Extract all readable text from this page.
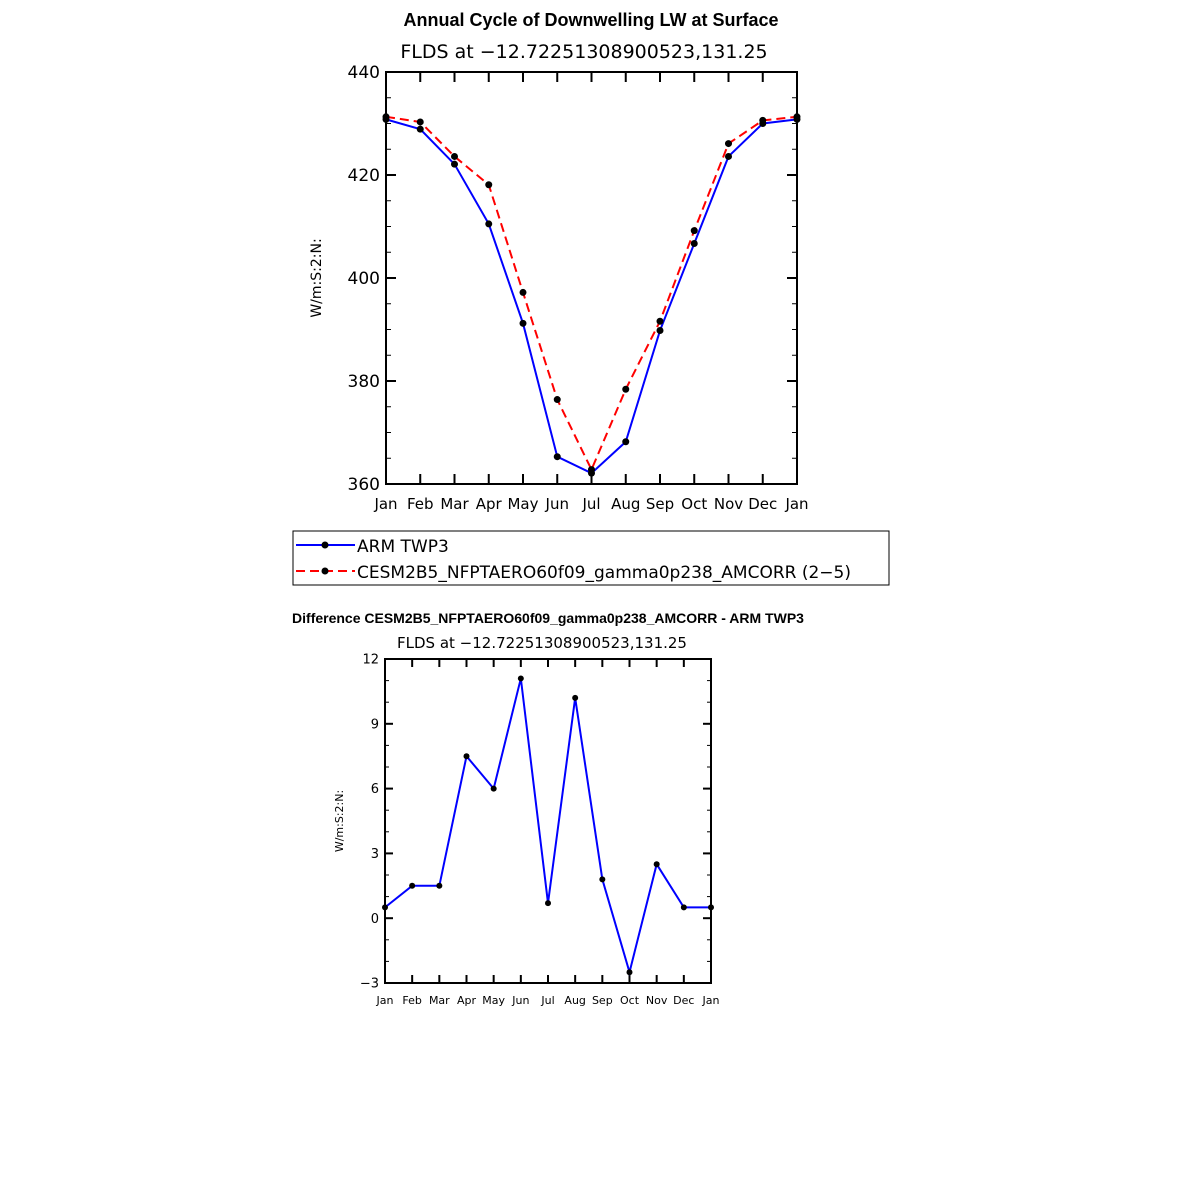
Annual Cycle of Downwelling LW at Surface
FLDS at −12.72251308900523,131.25
W/m:S:2:N:
360
380
400
420
440
Jan Feb Mar Apr May Jun Jul Aug Sep Oct Nov Dec Jan
ARM TWP3
CESM2B5_NFPTAERO60f09_gamma0p238_AMCORR (2−5)
Difference CESM2B5_NFPTAERO60f09_gamma0p238_AMCORR - ARM TWP3
FLDS at −12.72251308900523,131.25
W/m:S:2:N:
−3
0
3
6
9
12
Jan Feb Mar Apr May Jun Jul Aug Sep Oct Nov Dec Jan
